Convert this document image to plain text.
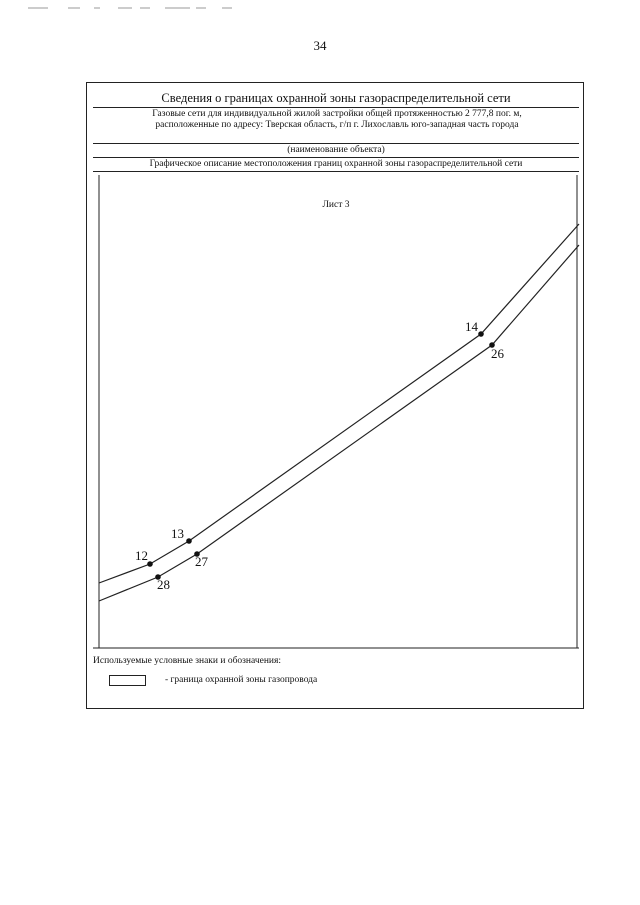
34
Сведения о границах охранной зоны газораспределительной сети
Газовые сети для индивидуальной жилой застройки общей протяженностью 2 777,8 пог. м,
расположенные по адресу: Тверская область, г/п г. Лихославль юго-западная часть города
(наименование объекта)
Графическое описание местоположения границ охранной зоны газораспределительной сети
Лист 3
12
13
14
26
27
28
Используемые условные знаки и обозначения:
- граница охранной зоны газопровода
